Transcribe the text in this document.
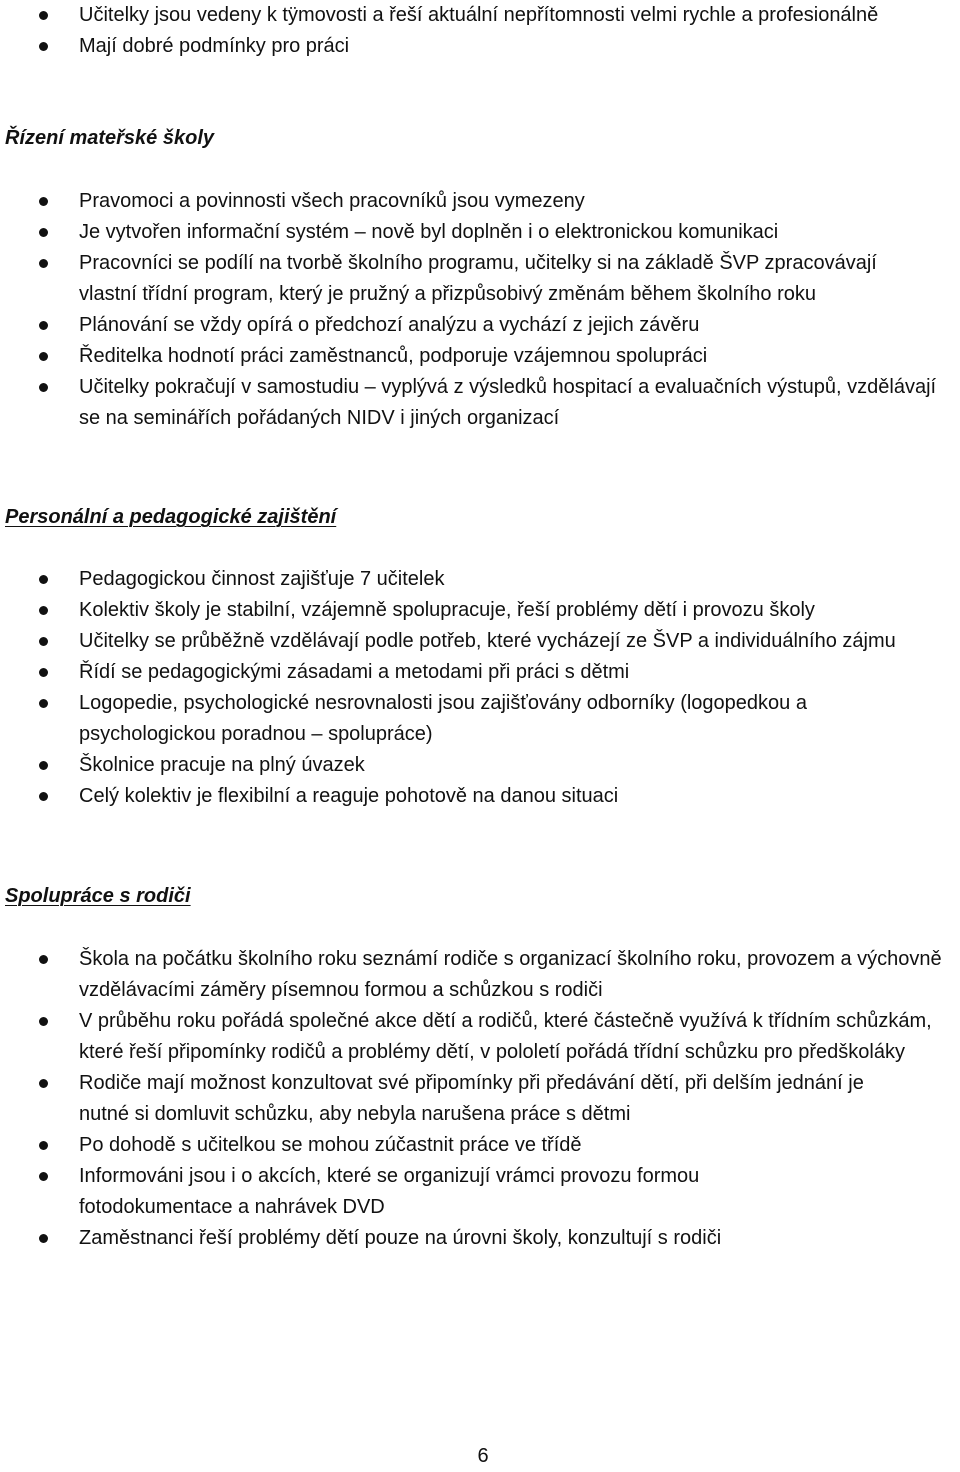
Učitelky jsou vedeny k tÿmovosti a řeší aktuální nepřítomnosti velmi rychle a profesionálně
Mají dobré podmínky pro práci
Řízení mateřské školy
Pravomoci a povinnosti všech pracovníků jsou vymezeny
Je vytvořen informační systém – nově byl doplněn i o elektronickou komunikaci
Pracovníci se podílí na tvorbě školního programu, učitelky si na základě ŠVP zpracovávají vlastní třídní program, který je pružný a přizpůsobivý změnám během školního roku
Plánování se vždy opírá o předchozí analýzu a vychází z jejich závěru
Ředitelka hodnotí práci zaměstnanců, podporuje vzájemnou spolupráci
Učitelky pokračují v samostudiu – vyplývá z výsledků hospitací a evaluačních výstupů, vzdělávají se na seminářích pořádaných NIDV i jiných organizací
Personální a pedagogické zajištění
Pedagogickou činnost zajišťuje 7 učitelek
Kolektiv školy je stabilní, vzájemně spolupracuje, řeší problémy dětí i provozu školy
Učitelky se průběžně vzdělávají podle potřeb, které vycházejí ze ŠVP a individuálního zájmu
Řídí se pedagogickými zásadami a metodami při práci s dětmi
Logopedie, psychologické nesrovnalosti jsou zajišťovány odborníky (logopedkou a psychologickou poradnou – spolupráce)
Školnice pracuje na plný úvazek
Celý kolektiv je flexibilní a reaguje pohotově na danou situaci
Spolupráce s rodiči
Škola na počátku školního roku seznámí rodiče s organizací školního roku, provozem a výchovně vzdělávacími záměry písemnou formou a schůzkou s rodiči
V průběhu roku pořádá společné akce dětí a rodičů, které částečně využívá k třídním schůzkám, které řeší připomínky rodičů a problémy dětí, v pololetí pořádá třídní schůzku pro předškoláky
Rodiče mají možnost konzultovat své připomínky při předávání dětí, při delším jednání je nutné si domluvit schůzku, aby nebyla narušena práce s dětmi
Po dohodě s učitelkou se mohou zúčastnit práce ve třídě
Informováni jsou i o akcích, které se organizují vrámci provozu formou fotodokumentace a nahrávek DVD
Zaměstnanci řeší problémy dětí pouze na úrovni školy, konzultují s rodiči
6
